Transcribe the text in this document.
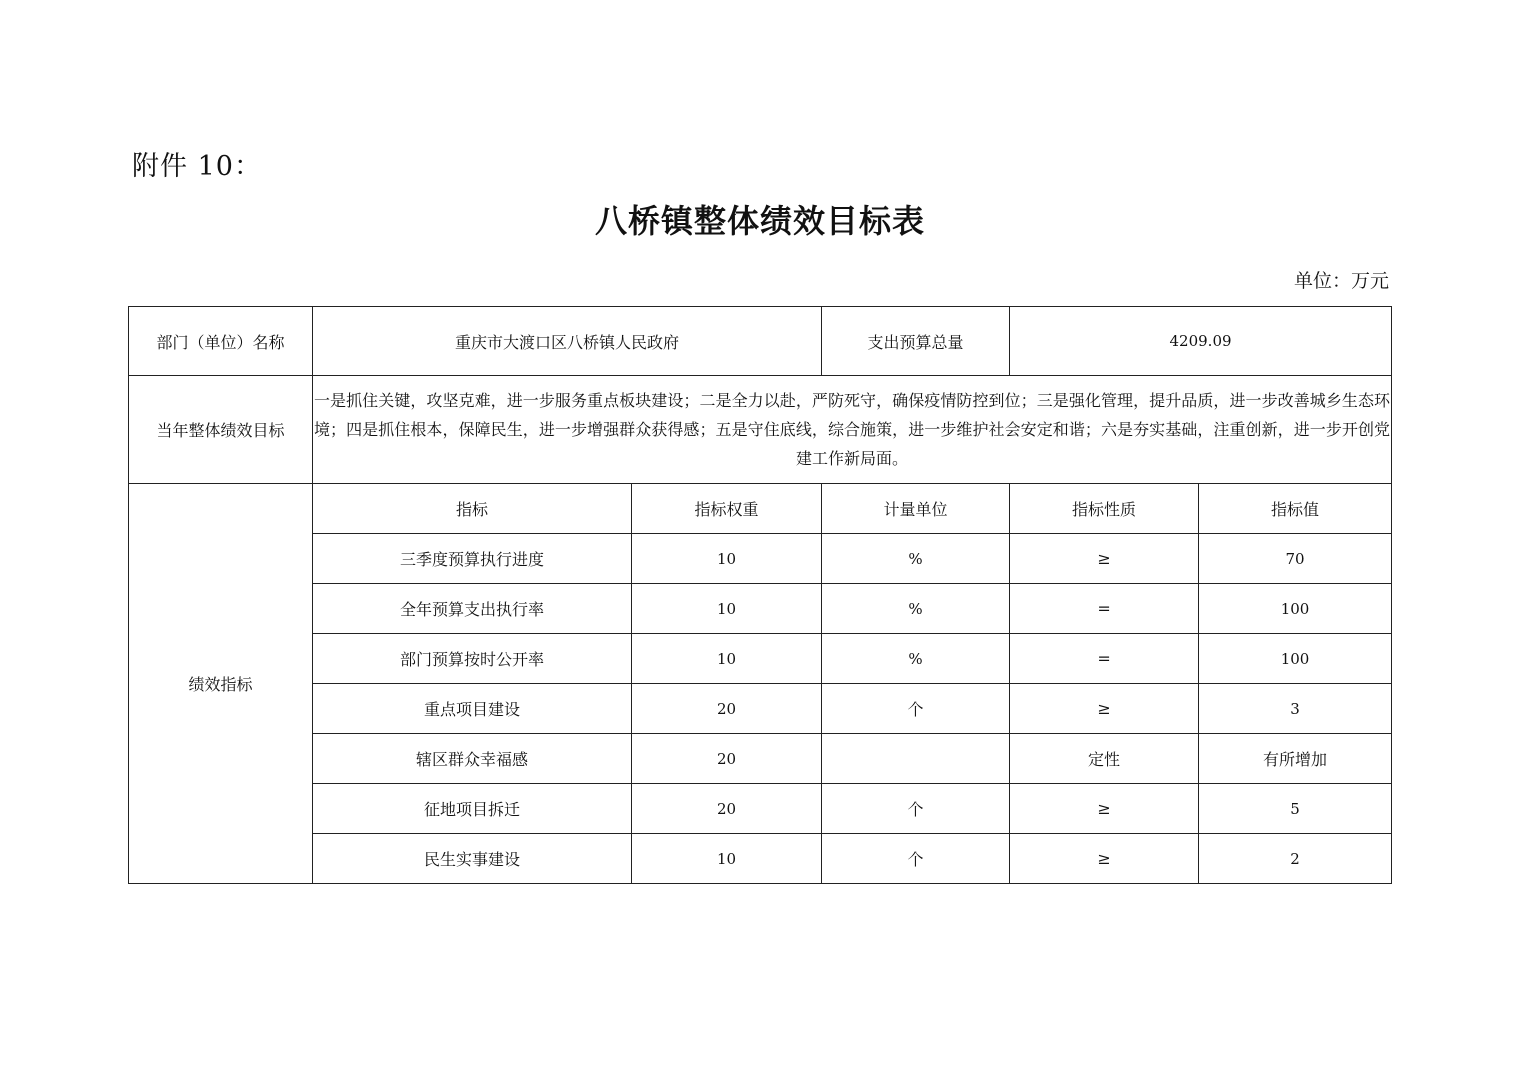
附件 10：
八桥镇整体绩效目标表
单位：万元
部门（单位）名称	重庆市大渡口区八桥镇人民政府		支出预算总量	4209.09	
当年整体绩效目标	一是抓住关键，攻坚克难，进一步服务重点板块建设；二是全力以赴，严防死守，确保疫情防控到位；三是强化管理，提升品质，进一步改善城乡生态环境；四是抓住根本，保障民生，进一步增强群众获得感；五是守住底线，综合施策，进一步维护社会安定和谐；六是夯实基础，注重创新，进一步开创党建工作新局面。				

绩效指标	指标	指标权重	计量单位	指标性质	指标值
	三季度预算执行进度	10	%	≥	70
	全年预算支出执行率	10	%	=	100
	部门预算按时公开率	10	%	=	100
	重点项目建设	20	个	≥	3
	辖区群众幸福感	20		定性	有所增加
	征地项目拆迁	20	个	≥	5
	民生实事建设	10	个	≥	2
